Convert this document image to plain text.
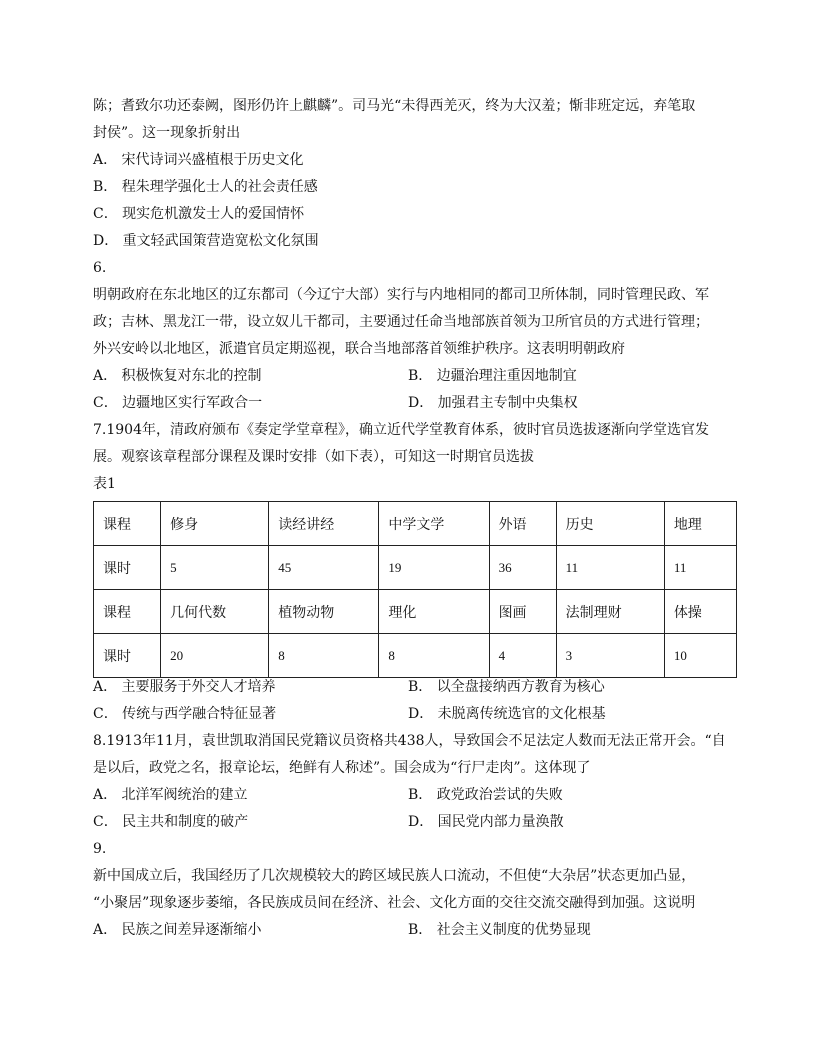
陈；耆致尔功还泰阙，图形仍许上麒麟”。司马光“未得西羌灭，终为大汉羞；惭非班定远，弃笔取
封侯”。这一现象折射出
A． 宋代诗词兴盛植根于历史文化
B． 程朱理学强化士人的社会责任感
C． 现实危机激发士人的爱国情怀
D． 重文轻武国策营造宽松文化氛围
6.
明朝政府在东北地区的辽东都司（今辽宁大部）实行与内地相同的都司卫所体制，同时管理民政、军
政；吉林、黑龙江一带，设立奴儿干都司，主要通过任命当地部族首领为卫所官员的方式进行管理；
外兴安岭以北地区，派遣官员定期巡视，联合当地部落首领维护秩序。这表明明朝政府
A． 积极恢复对东北的控制	B． 边疆治理注重因地制宜
C． 边疆地区实行军政合一	D． 加强君主专制中央集权
7.1904年，清政府颁布《奏定学堂章程》，确立近代学堂教育体系，彼时官员选拔逐渐向学堂选官发
展。观察该章程部分课程及课时安排（如下表），可知这一时期官员选拔
表1
课程	修身	读经讲经	中学文学	外语	历史	地理
课时	5	45	19	36	11	11
课程	几何代数	植物动物	理化	图画	法制理财	体操
课时	20	8	8	4	3	10
A． 主要服务于外交人才培养	B． 以全盘接纳西方教育为核心
C． 传统与西学融合特征显著	D． 未脱离传统选官的文化根基
8.1913年11月，袁世凯取消国民党籍议员资格共438人，导致国会不足法定人数而无法正常开会。“自
是以后，政党之名，报章论坛，绝鲜有人称述”。国会成为“行尸走肉”。这体现了
A． 北洋军阀统治的建立	B． 政党政治尝试的失败
C． 民主共和制度的破产	D． 国民党内部力量涣散
9.
新中国成立后，我国经历了几次规模较大的跨区域民族人口流动，不但使“大杂居”状态更加凸显，
“小聚居”现象逐步萎缩，各民族成员间在经济、社会、文化方面的交往交流交融得到加强。这说明
A． 民族之间差异逐渐缩小	B． 社会主义制度的优势显现
